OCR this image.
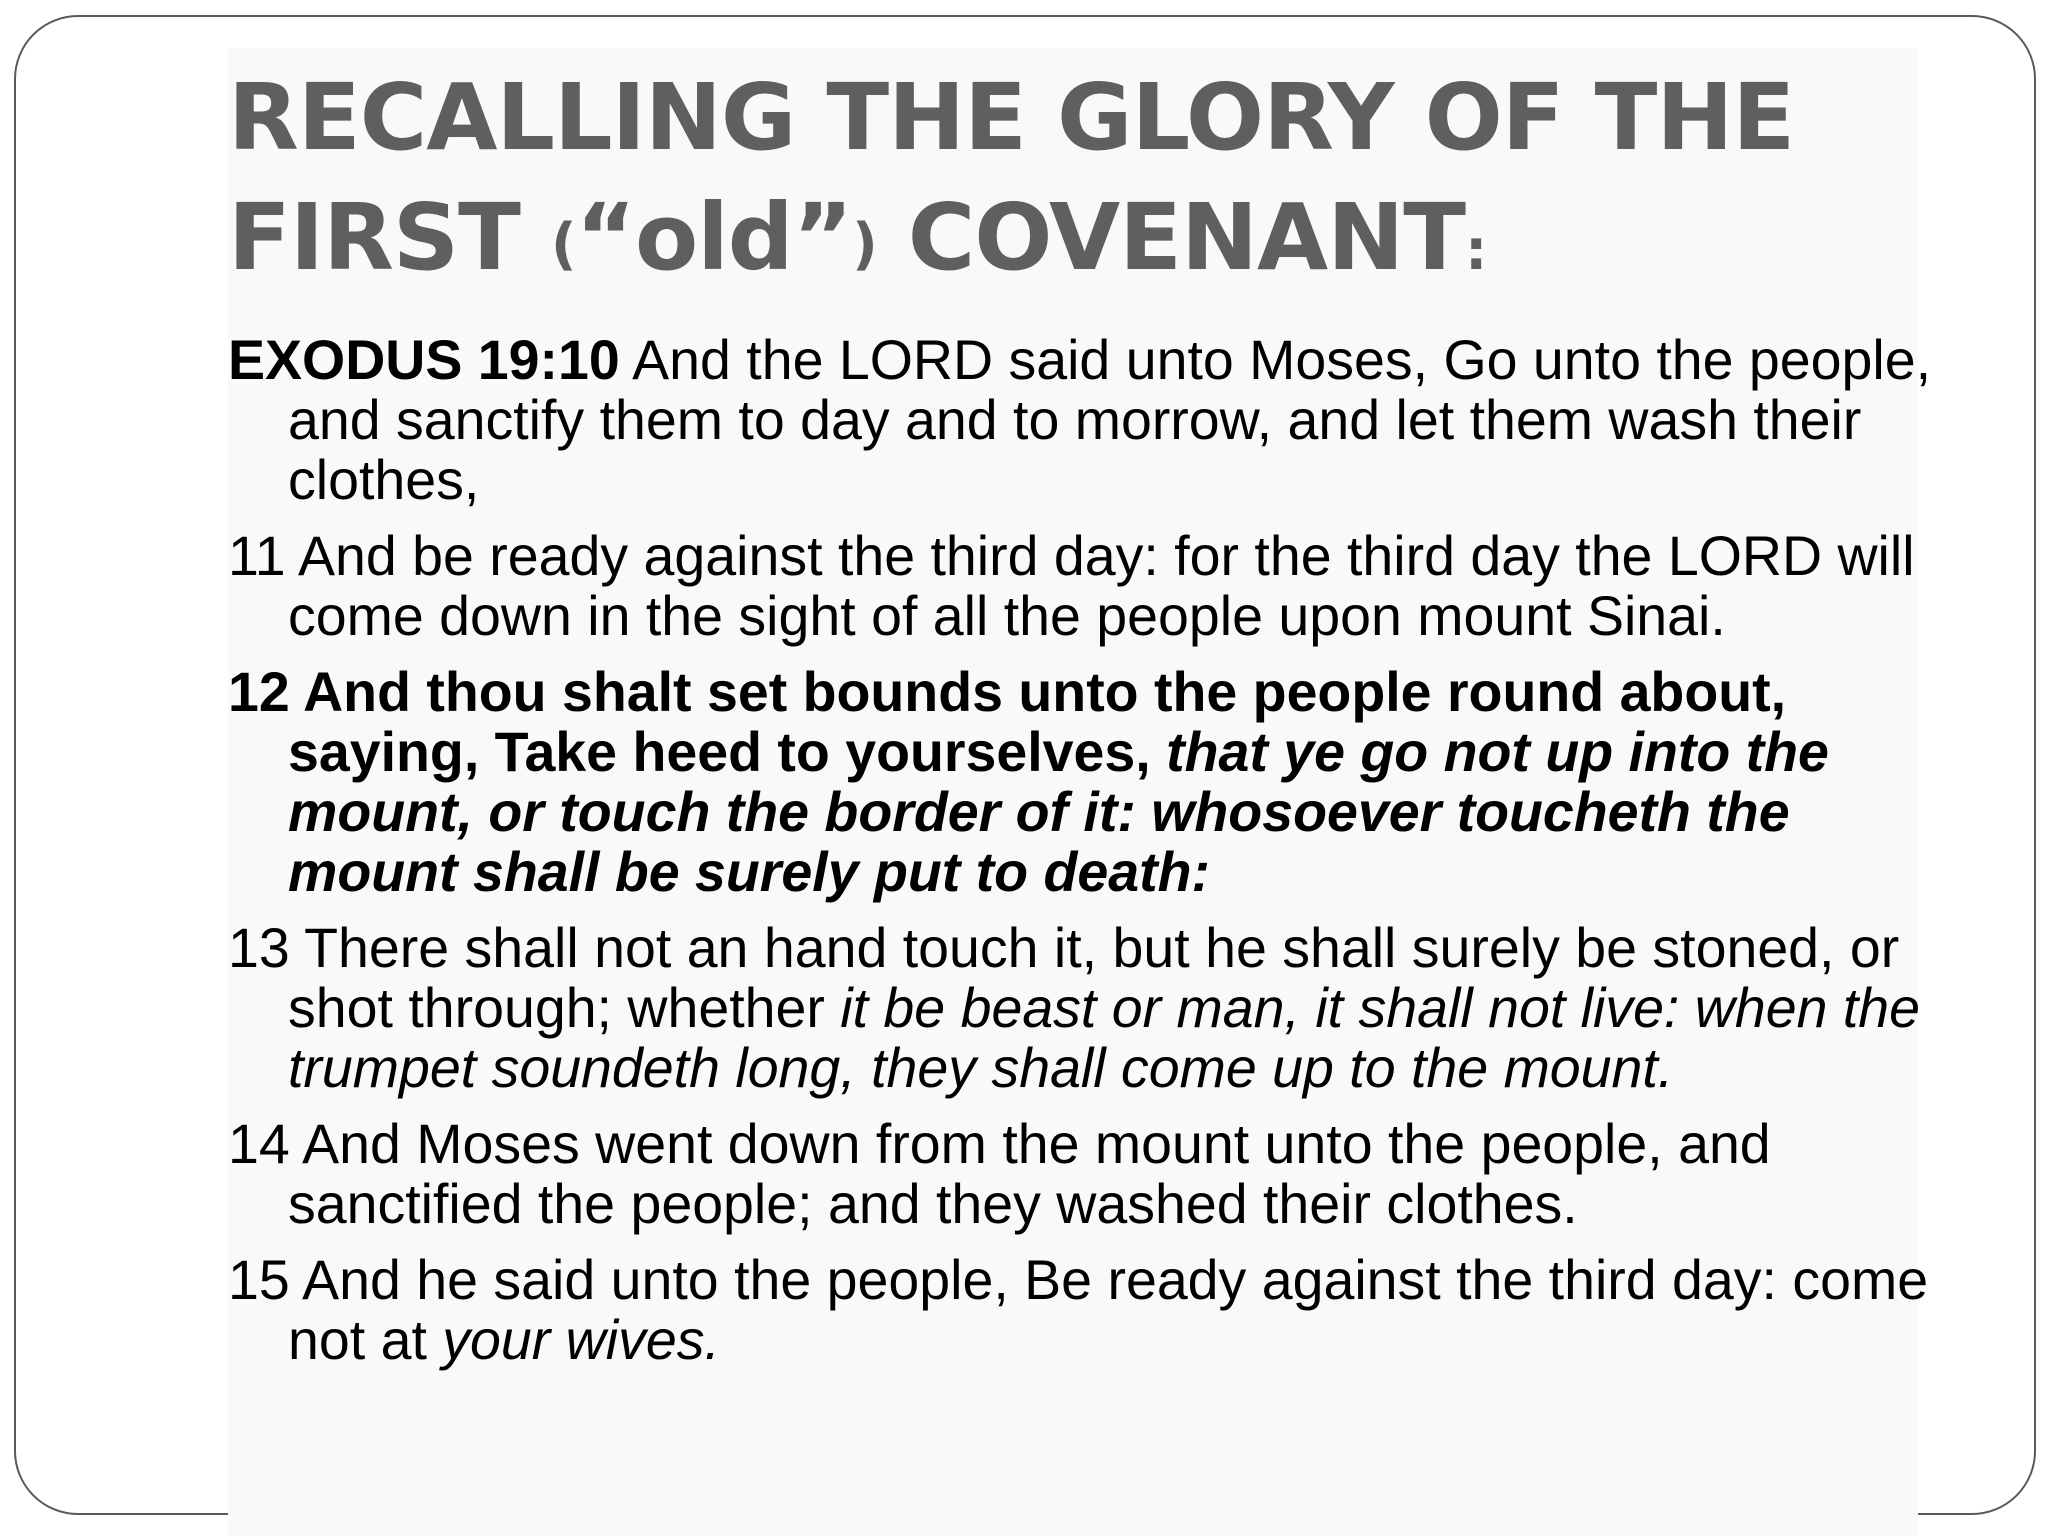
RECALLING THE GLORY OF THE
FIRST (“old”) COVENANT:

EXODUS 19:10 And the LORD said unto Moses, Go unto the people, and sanctify them to day and to morrow, and let them wash their clothes,

11 And be ready against the third day: for the third day the LORD will come down in the sight of all the people upon mount Sinai.

12 And thou shalt set bounds unto the people round about, saying, Take heed to yourselves, that ye go not up into the mount, or touch the border of it: whosoever toucheth the mount shall be surely put to death:

13 There shall not an hand touch it, but he shall surely be stoned, or shot through; whether it be beast or man, it shall not live: when the trumpet soundeth long, they shall come up to the mount.

14 And Moses went down from the mount unto the people, and sanctified the people; and they washed their clothes.

15 And he said unto the people, Be ready against the third day: come not at your wives.
